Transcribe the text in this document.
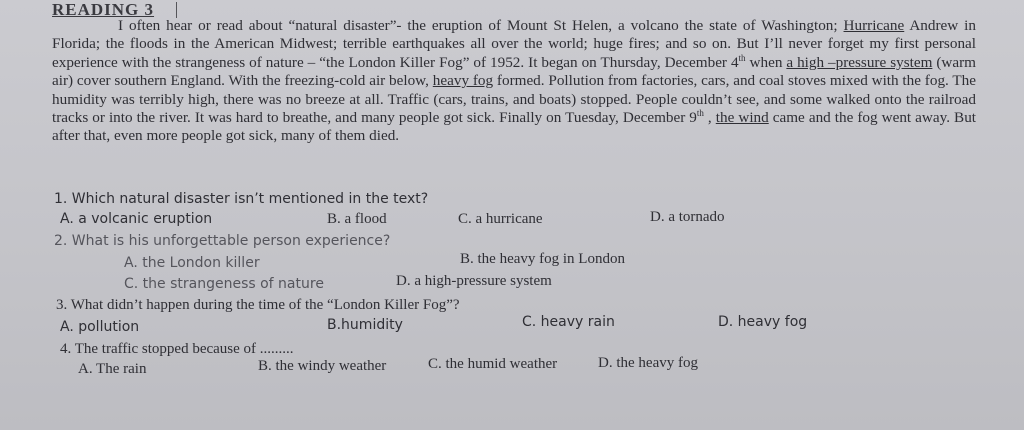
READING 3
I often hear or read about “natural disaster”- the eruption of Mount St Helen, a volcano the state of Washington; Hurricane Andrew in Florida; the floods in the American Midwest; terrible earthquakes all over the world; huge fires; and so on. But I’ll never forget my first personal experience with the strangeness of nature – “the London Killer Fog” of 1952. It began on Thursday, December 4th when a high –pressure system (warm air) cover southern England. With the freezing-cold air below, heavy fog formed. Pollution from factories, cars, and coal stoves mixed with the fog. The humidity was terribly high, there was no breeze at all. Traffic (cars, trains, and boats) stopped. People couldn’t see, and some walked onto the railroad tracks or into the river. It was hard to breathe, and many people got sick. Finally on Tuesday, December 9th , the wind came and the fog went away. But after that, even more people got sick, many of them died.
1. Which natural disaster isn’t mentioned in the text?
A. a volcanic eruption	B. a flood	C. a hurricane	D. a tornado
2. What is his unforgettable person experience?
A. the London killer	B. the heavy fog in London
C. the strangeness of nature	D. a high-pressure system
3. What didn’t happen during the time of the “London Killer Fog”?
A. pollution	B.humidity	C. heavy rain	D. heavy fog
4. The traffic stopped because of .........
A. The rain	B. the windy weather	C. the humid weather	D. the heavy fog
